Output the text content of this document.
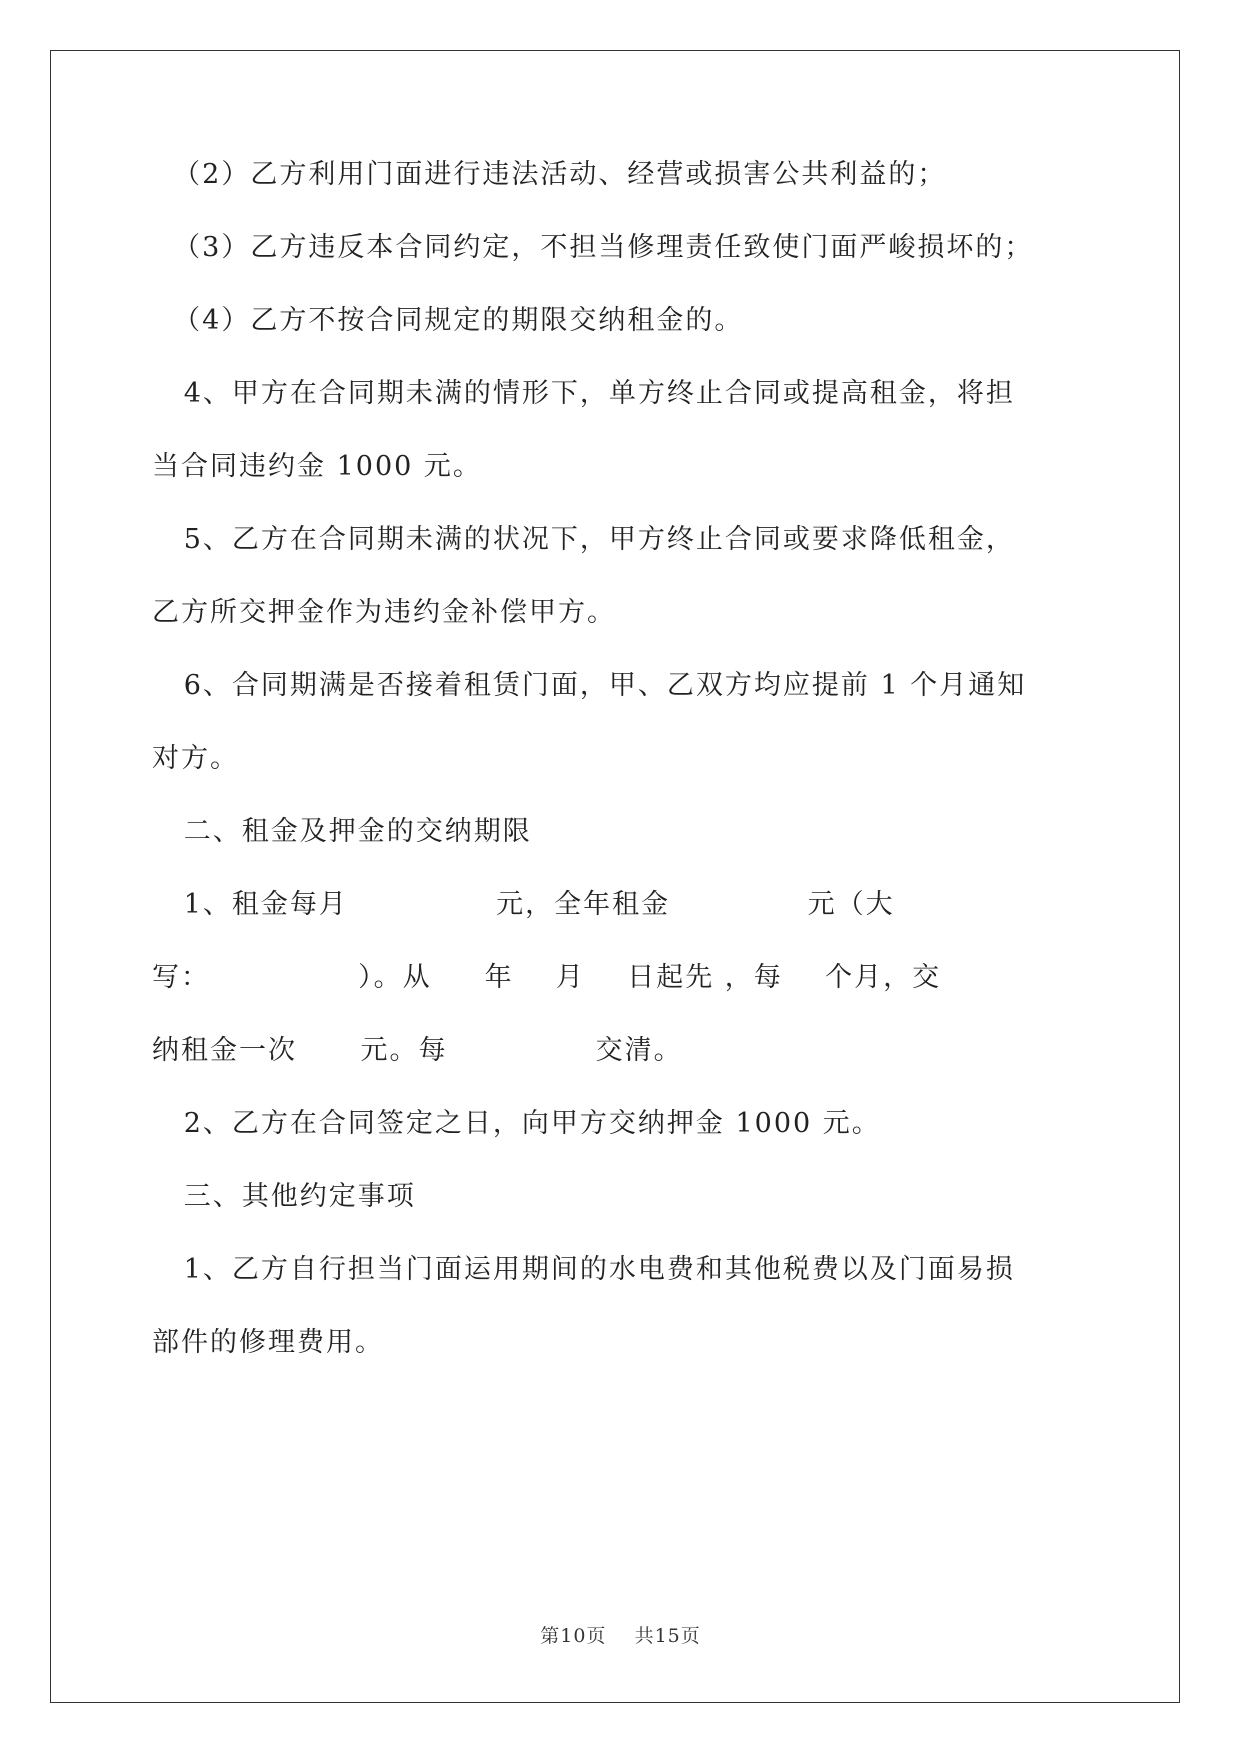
（2）乙方利用门面进行违法活动、经营或损害公共利益的；
（3）乙方违反本合同约定，不担当修理责任致使门面严峻损坏的；
（4）乙方不按合同规定的期限交纳租金的。
4、甲方在合同期未满的情形下，单方终止合同或提高租金，将担
当合同违约金 1000 元。
5、乙方在合同期未满的状况下，甲方终止合同或要求降低租金，
乙方所交押金作为违约金补偿甲方。
6、合同期满是否接着租赁门面，甲、乙双方均应提前 1 个月通知
对方。
二、租金及押金的交纳期限
1、租金每月              元，全年租金             元（大
写：              ）。从     年    月    日起先 ，每    个月，交
纳租金一次      元。每              交清。
2、乙方在合同签定之日，向甲方交纳押金 1000 元。
三、其他约定事项
1、乙方自行担当门面运用期间的水电费和其他税费以及门面易损
部件的修理费用。
第10页    共15页
